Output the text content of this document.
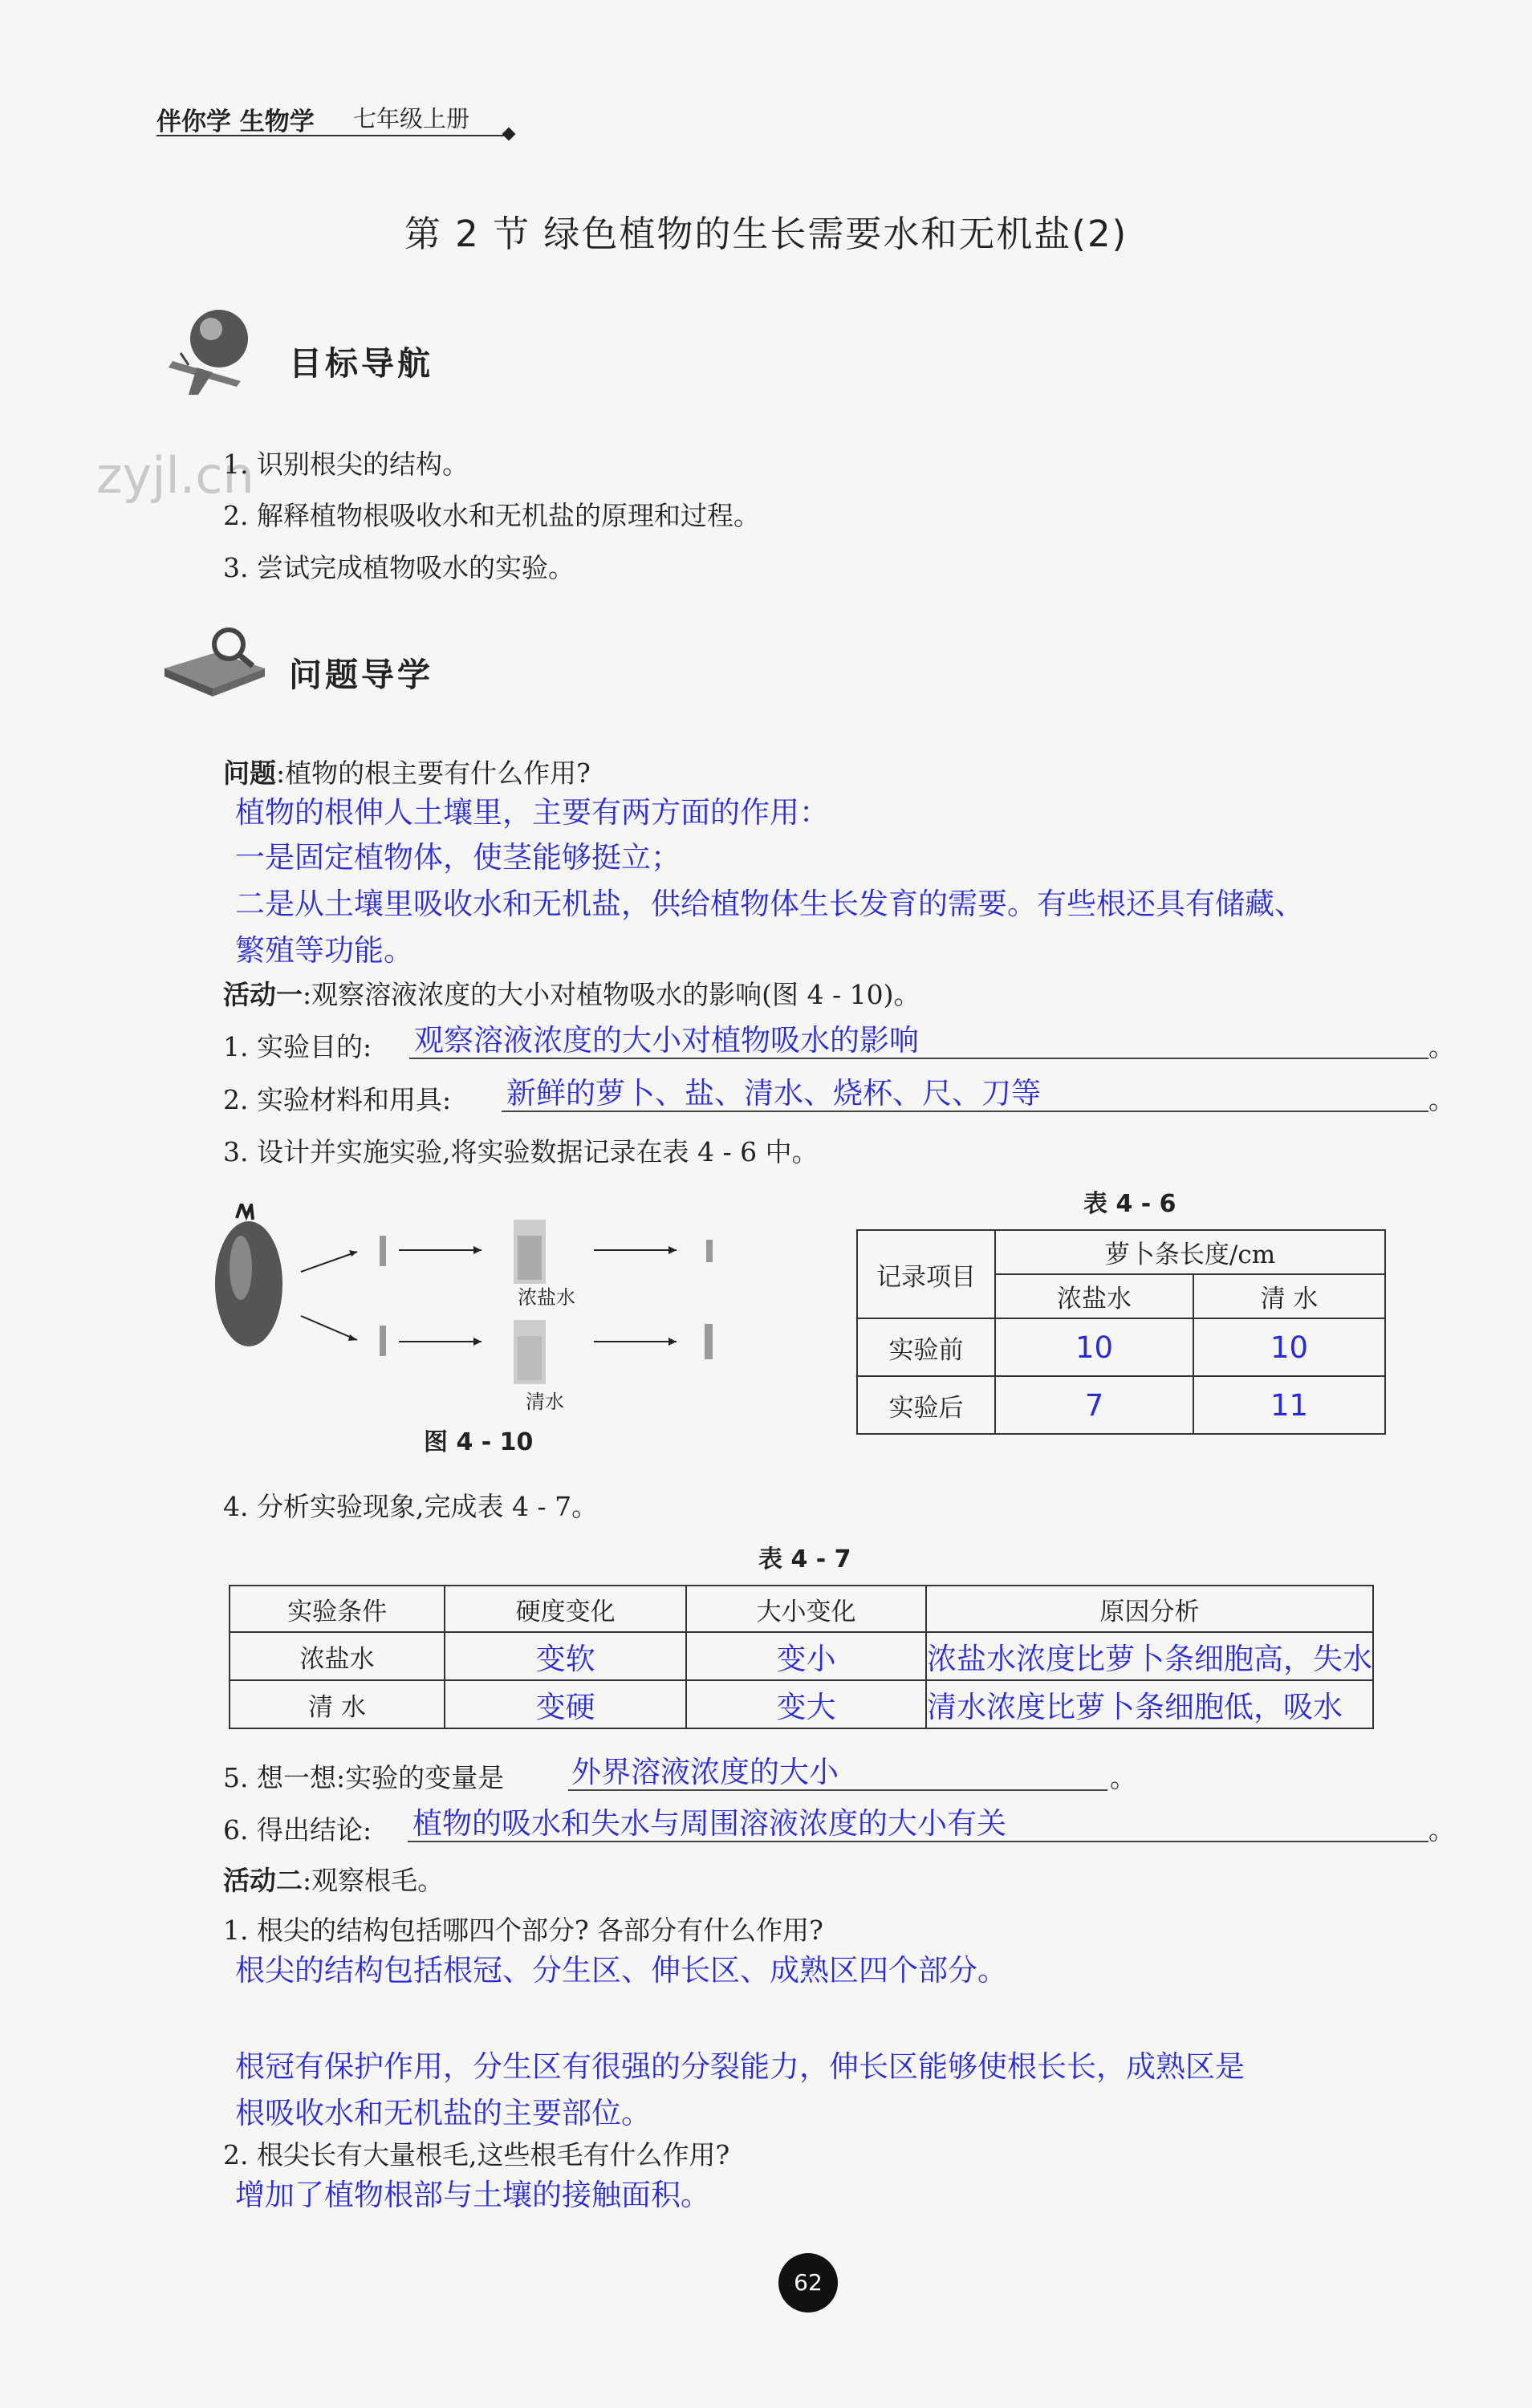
伴你学 生物学 七年级上册
第 2 节 绿色植物的生长需要水和无机盐(2)
目标导航
zyjl.cn
1. 识别根尖的结构。
2. 解释植物根吸收水和无机盐的原理和过程。
3. 尝试完成植物吸水的实验。
问题导学
问题:植物的根主要有什么作用?
植物的根伸人土壤里，主要有两方面的作用：
一是固定植物体，使茎能够挺立；
二是从土壤里吸收水和无机盐，供给植物体生长发育的需要。有些根还具有储藏、
繁殖等功能。
活动一:观察溶液浓度的大小对植物吸水的影响(图 4 - 10)。
1. 实验目的: 观察溶液浓度的大小对植物吸水的影响	。
2. 实验材料和用具: 新鲜的萝卜、盐、清水、烧杯、尺、刀等	。
3. 设计并实施实验,将实验数据记录在表 4 - 6 中。
浓盐水
清水
图 4 - 10
表 4 - 6
记录项目	萝卜条长度/cm	
	浓盐水	清 水
实验前	10	10
实验后	7	11
4. 分析实验现象,完成表 4 - 7。
表 4 - 7
实验条件	硬度变化	大小变化	原因分析
浓盐水	变软	变小	浓盐水浓度比萝卜条细胞高，失水
清 水	变硬	变大	清水浓度比萝卜条细胞低，吸水
5. 想一想:实验的变量是 外界溶液浓度的大小	。
6. 得出结论: 植物的吸水和失水与周围溶液浓度的大小有关	。
活动二:观察根毛。
1. 根尖的结构包括哪四个部分? 各部分有什么作用?
根尖的结构包括根冠、分生区、伸长区、成熟区四个部分。
根冠有保护作用，分生区有很强的分裂能力，伸长区能够使根长长，成熟区是
根吸收水和无机盐的主要部位。
2. 根尖长有大量根毛,这些根毛有什么作用?
增加了植物根部与土壤的接触面积。
62
